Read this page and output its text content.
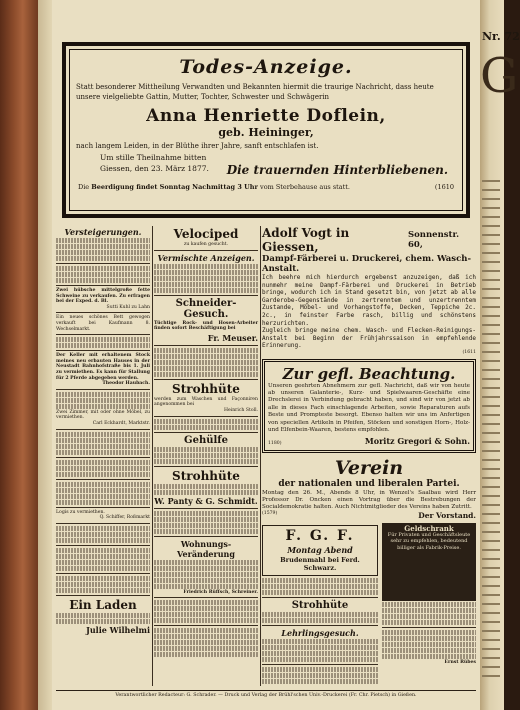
Todes-Anzeige.
Statt besonderer Mittheilung Verwandten und Bekannten hiermit die traurige Nachricht, dass heute unsere vielgeliebte Gattin, Mutter, Tochter, Schwester und Schwägerin
Anna Henriette Doflein,
geb. Heininger,
nach langem Leiden, in der Blüthe ihrer Jahre, sanft entschlafen ist.
Um stille Theilnahme bitten
Giessen, den 23. März 1877.	Die trauernden Hinterbliebenen.
Die Beerdigung findet Sonntag Nachmittag 3 Uhr vom Sterbehause aus statt.	(1610
Versteigerungen.
Zwei hübsche mittelgroße fette Schweine zu verkaufen. Zu erfragen bei der Exped. d. Bl.
Sutti Kuhl zu Lahn
Ein neues schönes Bett gewogen verkauft bei Kaufmann 8. Wechselmarkt.
Der Keller mit erhaltenem Stock meines neu erbauten Hauses in der Neustadt Bahnhofstraße bis 1. Juli zu vermiethen. Es kann für Stallung für 2 Pferde abgegeben werden.
Theodor Haubach.
Zwei Zimmer, mit oder ohne Möbel, zu vermiethen.
Carl Eckhardt, Marktstr.
Logis zu vermiethen.
Q. Schiffer, Roßmarkt
Ein Laden
Julie Wilhelmi
Velociped
zu kaufen gesucht.
Vermischte Anzeigen.
Schneider-Gesuch.
Tüchtige Rock- und Hosen-Arbeiter finden sofort Beschäftigung bei
Fr. Meuser.
Strohhüte
werden zum Waschen und Façonniren angenommen bei
Heinrich Stoll.
Gehülfe
Strohhüte
W. Panty & G. Schmidt.
Wohnungs-Veränderung
Friedrich Rüffsch, Schreiner.
Adolf Vogt in Giessen,
Sonnenstr. 60,
Dampf-Färberei u. Druckerei, chem. Wasch-Anstalt.
Ich beehre mich hierdurch ergebenst anzuzeigen, daß ich nunmehr meine Dampf-Färberei und Druckerei in Betrieb bringe, wodurch ich in Stand gesetzt bin, von jetzt ab alle Garderobe-Gegenstände in zertrenntem und unzertrenntem Zustande, Möbel- und Vorhangstoffe, Decken, Teppiche 2c. 2c., in feinster Farbe rasch, billig und schönstens herzurichten.
Zugleich bringe meine chem. Wasch- und Flecken-Reinigungs-Anstalt bei Beginn der Frühjahrssaison in empfehlende Erinnerung.
(1611
Zur gefl. Beachtung.
Unseren geehrten Abnehmern zur gefl. Nachricht, daß wir von heute ab unseren Galanterie-, Kurz- und Spielwaaren-Geschäfte eine Drechslerei in Verbindung gebracht haben, und sind wir von jetzt ab alle in dieses Fach einschlagende Arbeiten, sowie Reparaturen aufs Beste und Prompteste besorgt. Ebenso halten wir uns im Anfertigen von speciellen Artikeln in Pfeifen, Stöcken und sonstigen Horn-, Holz- und Elfenbein-Waaren, bestens empfohlen.
1180)	Moritz Gregori & Sohn.
Verein
der nationalen und liberalen Partei.
Montag den 26. M., Abends 8 Uhr, in Wenzel's Saalbau wird Herr Professor Dr. Oncken einen Vortrag über die Bestrebungen der Socialdemokratie halten. Auch Nichtmitglieder des Vereins haben Zutritt.
(1579)	Der Vorstand.
F. G. F.
Montag Abend
Brudenmahl bei Ferd. Schwarz.
Strohhüte
Lehrlingsgesuch.
Geldschrank
Für Privaten und Geschäftsleute sehr zu empfehlen, bedeutend billiger als Fabrik-Preise.
Ernst Rübes
Verantwortlicher Redacteur: G. Schrader. — Druck und Verlag der Brühl'schen Univ.-Druckerei (Fr. Chr. Pietsch) in Gießen.
Nr. 72
G
